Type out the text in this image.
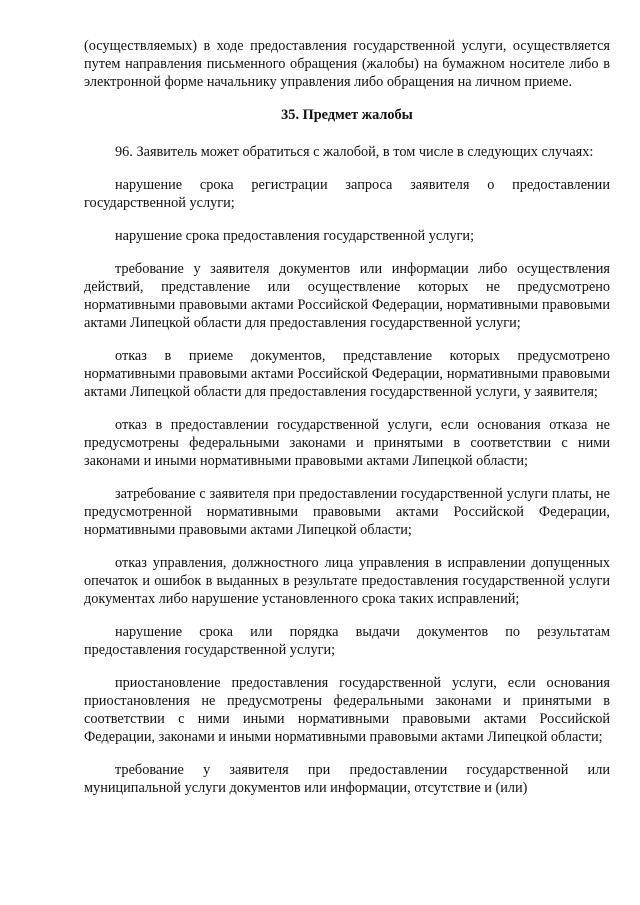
(осуществляемых) в ходе предоставления государственной услуги, осуществляется путем направления письменного обращения (жалобы) на бумажном носителе либо в электронной форме начальнику управления либо обращения на личном приеме.

35. Предмет жалобы

96. Заявитель может обратиться с жалобой, в том числе в следующих случаях:

нарушение срока регистрации запроса заявителя о предоставлении государственной услуги;

нарушение срока предоставления государственной услуги;

требование у заявителя документов или информации либо осуществления действий, представление или осуществление которых не предусмотрено нормативными правовыми актами Российской Федерации, нормативными правовыми актами Липецкой области для предоставления государственной услуги;

отказ в приеме документов, представление которых предусмотрено нормативными правовыми актами Российской Федерации, нормативными правовыми актами Липецкой области для предоставления государственной услуги, у заявителя;

отказ в предоставлении государственной услуги, если основания отказа не предусмотрены федеральными законами и принятыми в соответствии с ними законами и иными нормативными правовыми актами Липецкой области;

затребование с заявителя при предоставлении государственной услуги платы, не предусмотренной нормативными правовыми актами Российской Федерации, нормативными правовыми актами Липецкой области;

отказ управления, должностного лица управления в исправлении допущенных опечаток и ошибок в выданных в результате предоставления государственной услуги документах либо нарушение установленного срока таких исправлений;

нарушение срока или порядка выдачи документов по результатам предоставления государственной услуги;

приостановление предоставления государственной услуги, если основания приостановления не предусмотрены федеральными законами и принятыми в соответствии с ними иными нормативными правовыми актами Российской Федерации, законами и иными нормативными правовыми актами Липецкой области;

требование у заявителя при предоставлении государственной или муниципальной услуги документов или информации, отсутствие и (или)
